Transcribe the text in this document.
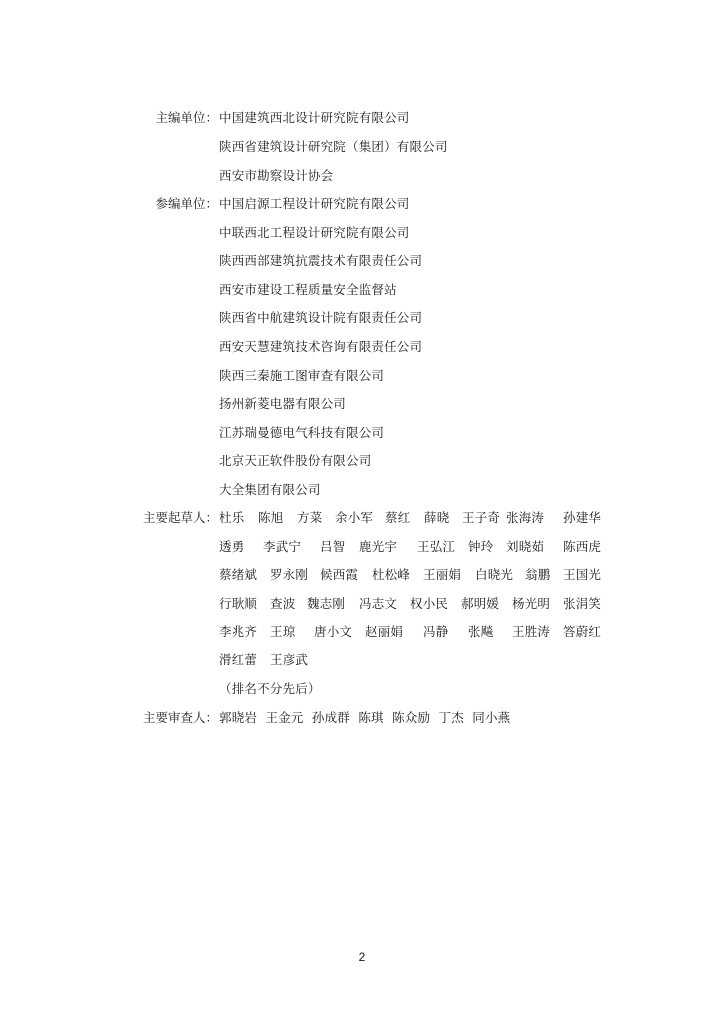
主编单位： 中国建筑西北设计研究院有限公司
陕西省建筑设计研究院（集团）有限公司
西安市勘察设计协会
参编单位： 中国启源工程设计研究院有限公司
中联西北工程设计研究院有限公司
陕西西部建筑抗震技术有限责任公司
西安市建设工程质量安全监督站
陕西省中航建筑设计院有限责任公司
西安天慧建筑技术咨询有限责任公司
陕西三秦施工图审查有限公司
扬州新菱电器有限公司
江苏瑞曼德电气科技有限公司
北京天正软件股份有限公司
大全集团有限公司
主要起草人： 杜乐 陈旭 方菜 余小军 蔡红 薛晓 王子奇 张海涛 孙建华
透勇 李武宁 吕智 鹿光宇 王弘江 钟玲 刘晓茹 陈西虎
蔡绪斌 罗永刚 候西霞 杜松峰 王丽娟 白晓光 翁鹏 王国光
行耿顺 查波 魏志刚 冯志文 权小民 郝明媛 杨光明 张涓笑
李兆齐 王琼 唐小文 赵丽娟 冯静 张飚 王胜涛 答蔚红
滑红蕾 王彦武
（排名不分先后）
主要审查人： 郭晓岩  王金元  孙成群  陈琪  陈众励  丁杰  同小燕
2
